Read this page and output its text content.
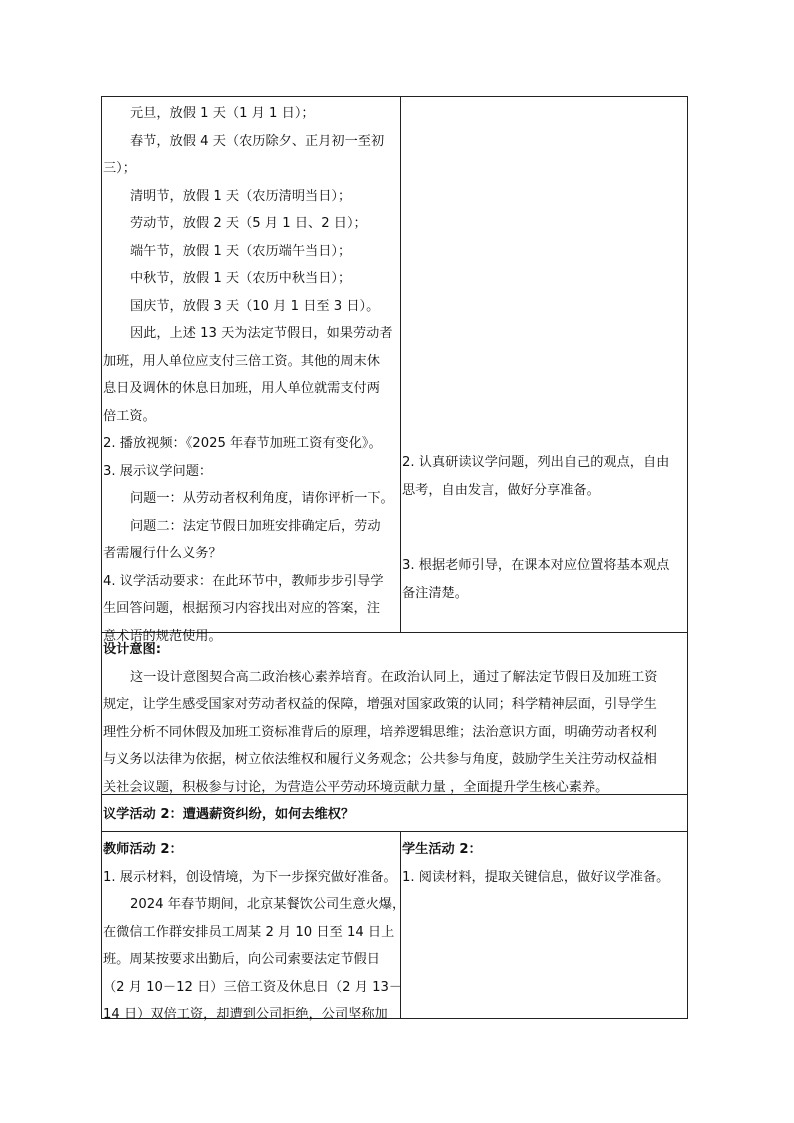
元旦，放假 1 天（1 月 1 日）；

春节，放假 4 天（农历除夕、正月初一至初

三）；

清明节，放假 1 天（农历清明当日）；

劳动节，放假 2 天（5 月 1 日、2 日）；

端午节，放假 1 天（农历端午当日）；

中秋节，放假 1 天（农历中秋当日）；

国庆节，放假 3 天（10 月 1 日至 3 日）。

因此，上述 13 天为法定节假日，如果劳动者

加班，用人单位应支付三倍工资。其他的周末休

息日及调休的休息日加班，用人单位就需支付两

倍工资。

2. 播放视频：《2025 年春节加班工资有变化》。

3. 展示议学问题：

问题一：从劳动者权利角度，请你评析一下。

问题二：法定节假日加班安排确定后，劳动

者需履行什么义务？

4. 议学活动要求：在此环节中，教师步步引导学

生回答问题，根据预习内容找出对应的答案，注

意术语的规范使用。

2. 认真研读议学问题，列出自己的观点，自由

思考，自由发言，做好分享准备。

3. 根据老师引导，在课本对应位置将基本观点

备注清楚。

设计意图:

这一设计意图契合高二政治核心素养培育。在政治认同上，通过了解法定节假日及加班工资

规定，让学生感受国家对劳动者权益的保障，增强对国家政策的认同；科学精神层面，引导学生

理性分析不同休假及加班工资标准背后的原理，培养逻辑思维；法治意识方面，明确劳动者权利

与义务以法律为依据，树立依法维权和履行义务观念；公共参与角度，鼓励学生关注劳动权益相

关社会议题，积极参与讨论，为营造公平劳动环境贡献力量 ，全面提升学生核心素养。

议学活动 2：遭遇薪资纠纷，如何去维权？

教师活动 2：

1. 展示材料，创设情境，为下一步探究做好准备。

2024 年春节期间，北京某餐饮公司生意火爆，

在微信工作群安排员工周某 2 月 10 日至 14 日上

班。周某按要求出勤后，向公司索要法定节假日

（2 月 10－12 日）三倍工资及休息日（2 月 13－

14 日）双倍工资，却遭到公司拒绝，公司坚称加

学生活动 2：

1. 阅读材料，提取关键信息，做好议学准备。
